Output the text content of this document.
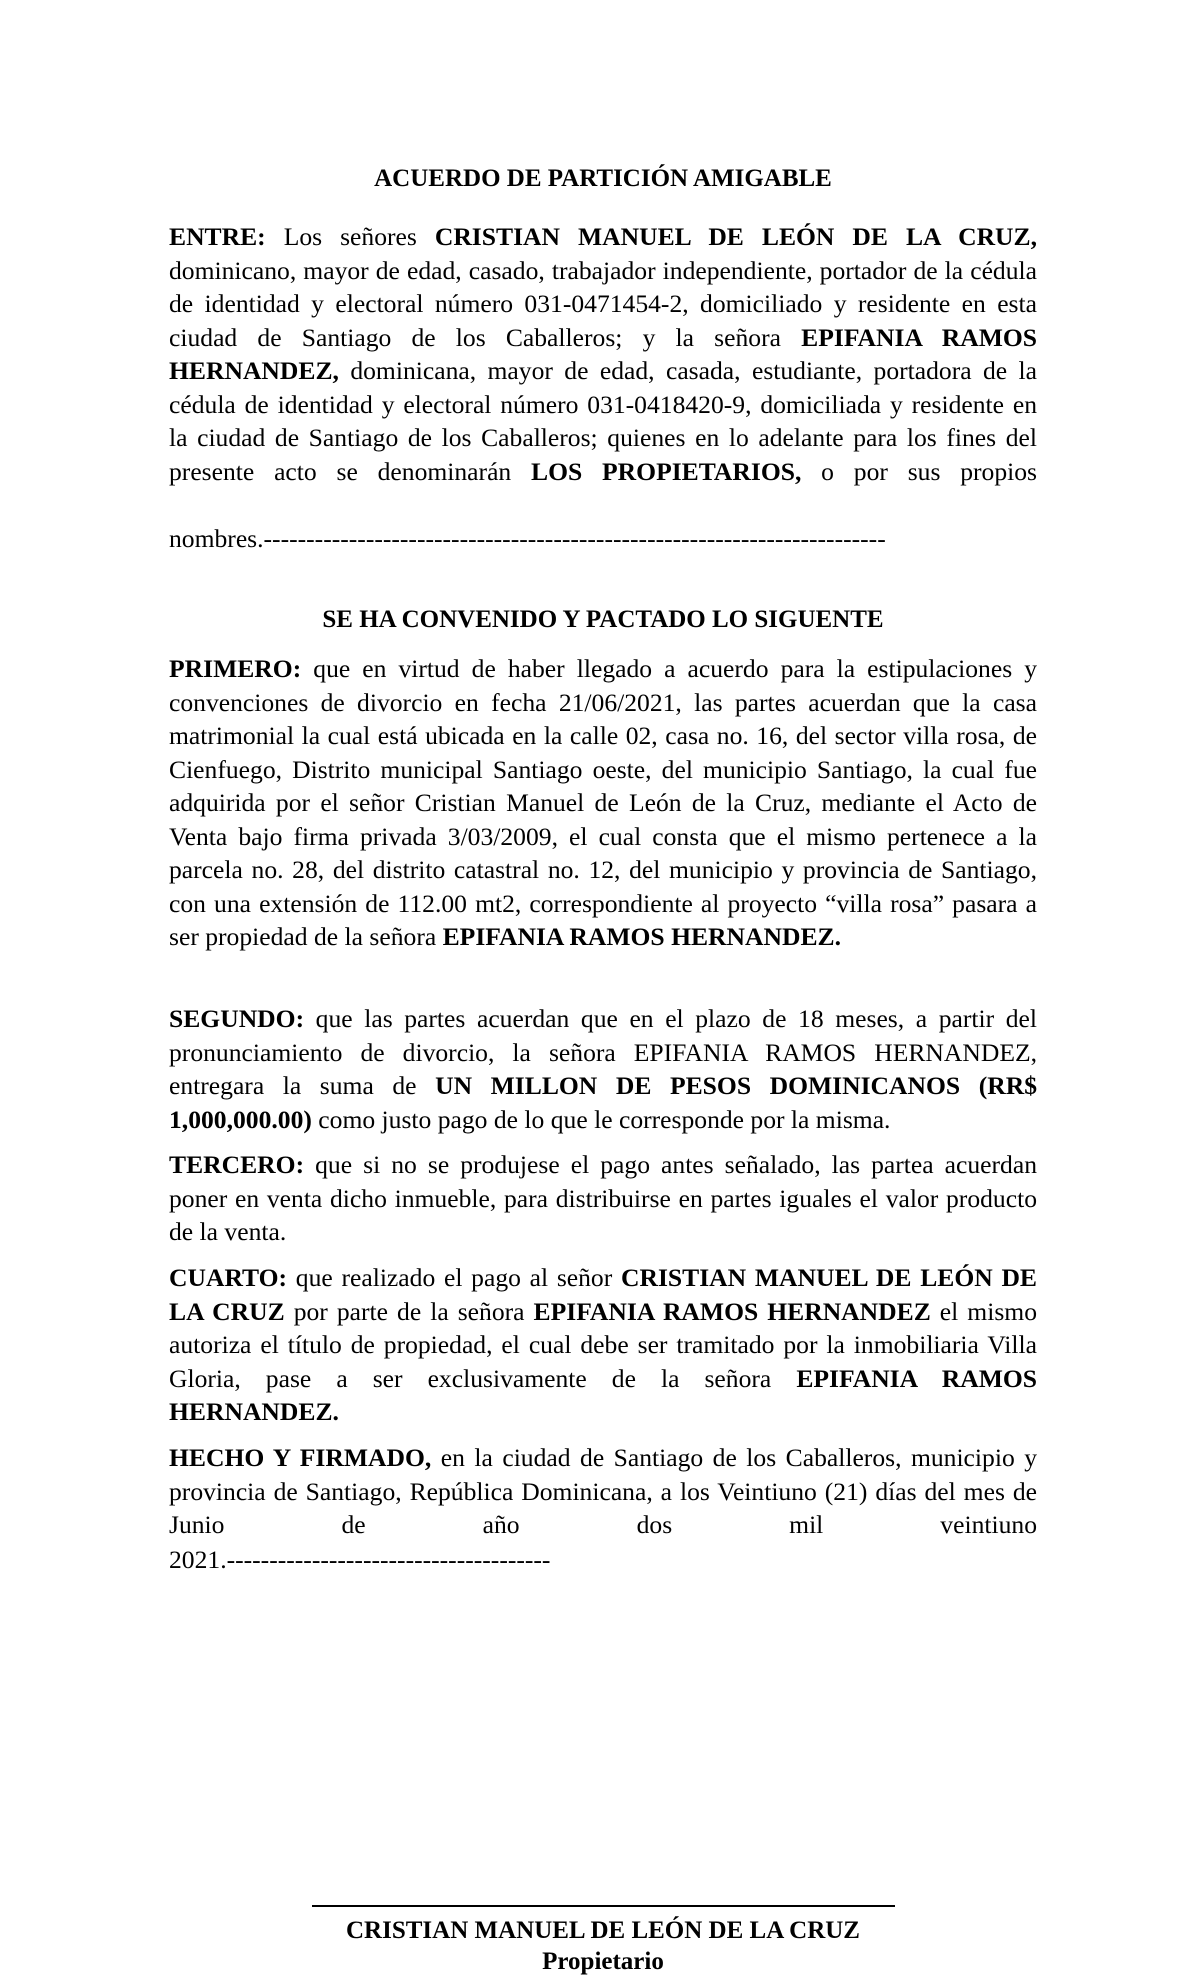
ACUERDO DE PARTICIÓN AMIGABLE

ENTRE: Los señores CRISTIAN MANUEL DE LEÓN DE LA CRUZ, dominicano, mayor de edad, casado, trabajador independiente, portador de la cédula de identidad y electoral número 031-0471454-2, domiciliado y residente en esta ciudad de Santiago de los Caballeros; y la señora EPIFANIA RAMOS HERNANDEZ, dominicana, mayor de edad, casada, estudiante, portadora de la cédula de identidad y electoral número 031-0418420-9, domiciliada y residente en la ciudad de Santiago de los Caballeros; quienes en lo adelante para los fines del presente acto se denominarán LOS PROPIETARIOS, o por sus propios

nombres.-------------------------------------------------------------------------

SE HA CONVENIDO Y PACTADO LO SIGUENTE

PRIMERO: que en virtud de haber llegado a acuerdo para la estipulaciones y convenciones de divorcio en fecha 21/06/2021, las partes acuerdan que la casa matrimonial la cual está ubicada en la calle 02, casa no. 16, del sector villa rosa, de Cienfuego, Distrito municipal Santiago oeste, del municipio Santiago, la cual fue adquirida por el señor Cristian Manuel de León de la Cruz, mediante el Acto de Venta bajo firma privada 3/03/2009, el cual consta que el mismo pertenece a la parcela no. 28, del distrito catastral no. 12, del municipio y provincia de Santiago, con una extensión de 112.00 mt2, correspondiente al proyecto “villa rosa” pasara a ser propiedad de la señora EPIFANIA RAMOS HERNANDEZ.

SEGUNDO: que las partes acuerdan que en el plazo de 18 meses, a partir del pronunciamiento de divorcio, la señora EPIFANIA RAMOS HERNANDEZ, entregara la suma de UN MILLON DE PESOS DOMINICANOS (RR$ 1,000,000.00) como justo pago de lo que le corresponde por la misma.

TERCERO: que si no se produjese el pago antes señalado, las partea acuerdan poner en venta dicho inmueble, para distribuirse en partes iguales el valor producto de la venta.

CUARTO: que realizado el pago al señor CRISTIAN MANUEL DE LEÓN DE LA CRUZ por parte de la señora EPIFANIA RAMOS HERNANDEZ el mismo autoriza el título de propiedad, el cual debe ser tramitado por la inmobiliaria Villa Gloria, pase a ser exclusivamente de la señora EPIFANIA RAMOS HERNANDEZ.

HECHO Y FIRMADO, en la ciudad de Santiago de los Caballeros, municipio y provincia de Santiago, República Dominicana, a los Veintiuno (21) días del mes de Junio de año dos mil veintiuno

2021.--------------------------------------

CRISTIAN MANUEL DE LEÓN DE LA CRUZ

Propietario
